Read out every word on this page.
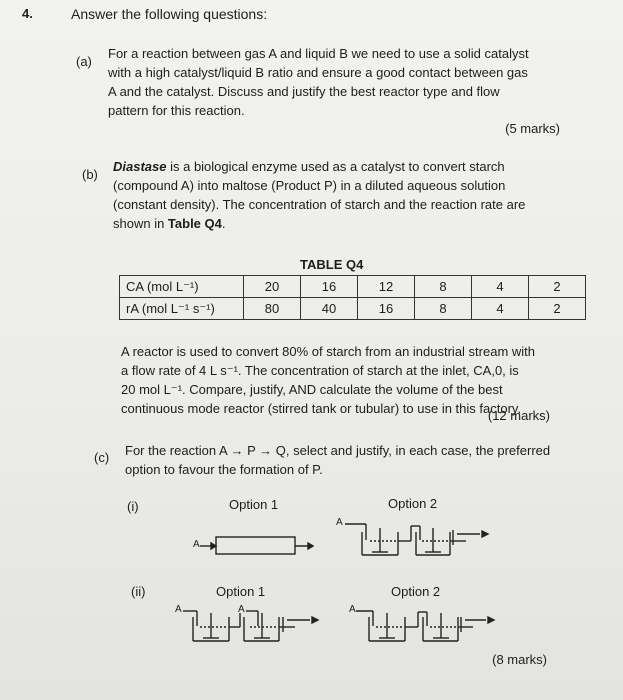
4.	Answer the following questions:
(a)
For a reaction between gas A and liquid B we need to use a solid catalyst
with a high catalyst/liquid B ratio and ensure a good contact between gas
A and the catalyst. Discuss and justify the best reactor type and flow
pattern for this reaction.
(5 marks)
(b)
Diastase is a biological enzyme used as a catalyst to convert starch
(compound A) into maltose (Product P) in a diluted aqueous solution
(constant density). The concentration of starch and the reaction rate are
shown in Table Q4.
TABLE Q4
CA (mol L⁻¹)	20	16	12	8	4	2
rA (mol L⁻¹ s⁻¹)	80	40	16	8	4	2
A reactor is used to convert 80% of starch from an industrial stream with
a flow rate of 4 L s⁻¹. The concentration of starch at the inlet, CA,0, is
20 mol L⁻¹. Compare, justify, AND calculate the volume of the best
continuous mode reactor (stirred tank or tubular) to use in this factory.
(12 marks)
(c) For the reaction A → P → Q, select and justify, in each case, the preferred
option to favour the formation of P.
(i)	Option 1	Option 2
(ii)	Option 1	Option 2
A
A
A	A	A
(8 marks)
